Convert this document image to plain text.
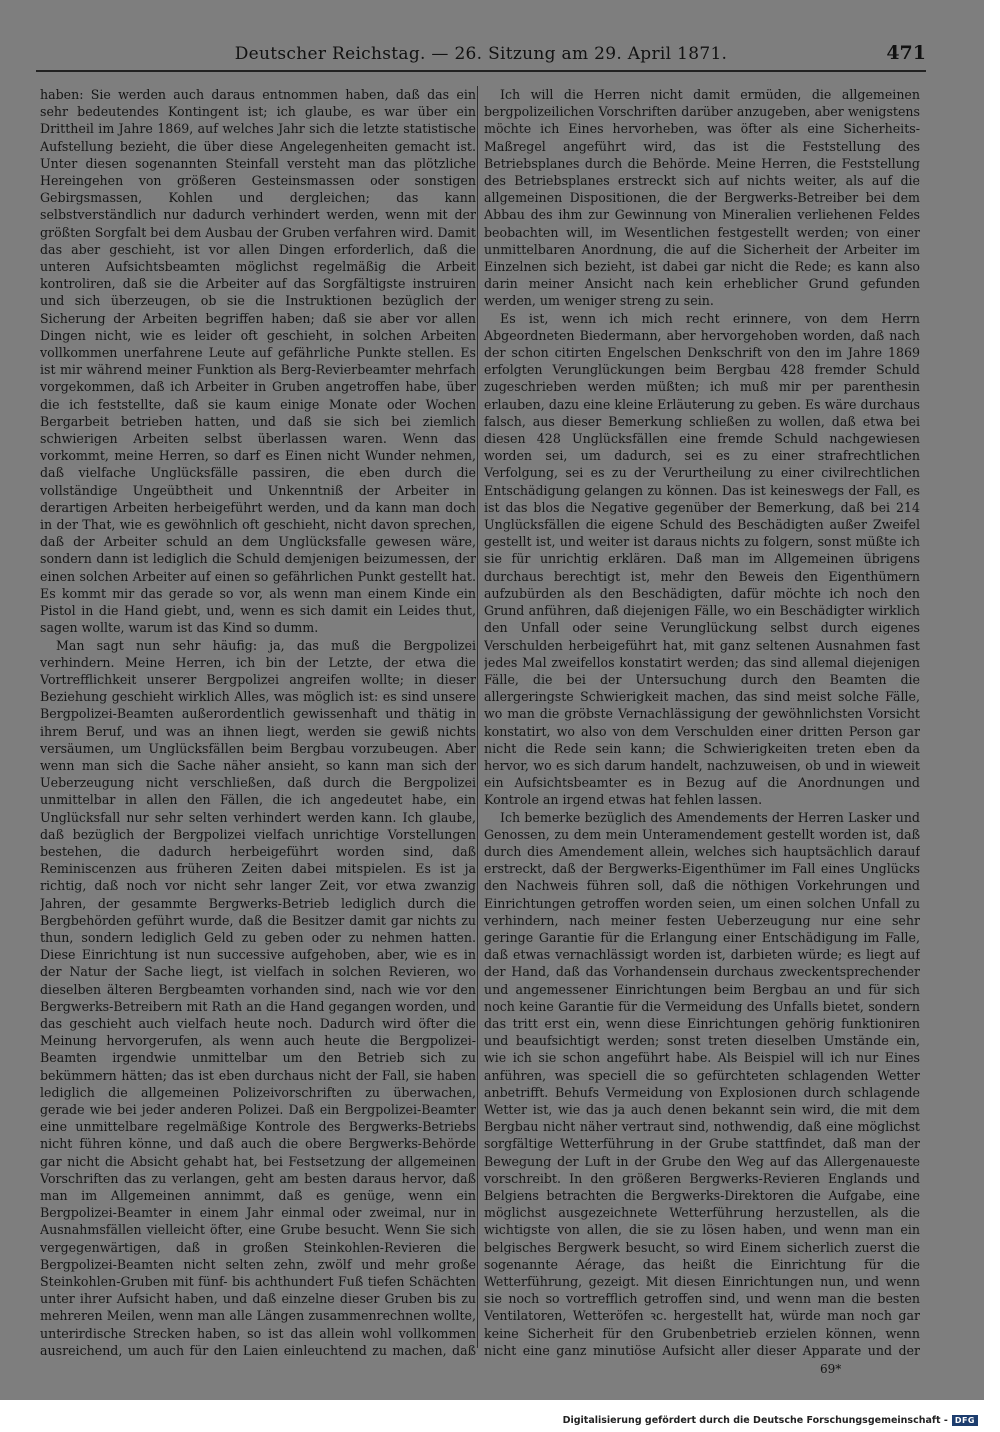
Deutscher Reichstag. — 26. Sitzung am 29. April 1871.	471

haben: Sie werden auch daraus entnommen haben, daß das ein sehr bedeutendes Kontingent ist; ich glaube, es war über ein Drittheil im Jahre 1869, auf welches Jahr sich die letzte statistische Aufstellung bezieht, die über diese Angelegenheiten gemacht ist. Unter diesen sogenannten Steinfall versteht man das plötzliche Hereingehen von größeren Gesteinsmassen oder sonstigen Gebirgsmassen, Kohlen und dergleichen; das kann selbstverständlich nur dadurch verhindert werden, wenn mit der größten Sorgfalt bei dem Ausbau der Gruben verfahren wird. Damit das aber geschieht, ist vor allen Dingen erforderlich, daß die unteren Aufsichtsbeamten möglichst regelmäßig die Arbeit kontroliren, daß sie die Arbeiter auf das Sorgfältigste instruiren und sich überzeugen, ob sie die Instruktionen bezüglich der Sicherung der Arbeiten begriffen haben; daß sie aber vor allen Dingen nicht, wie es leider oft geschieht, in solchen Arbeiten vollkommen unerfahrene Leute auf gefährliche Punkte stellen. Es ist mir während meiner Funktion als Berg-Revierbeamter mehrfach vorgekommen, daß ich Arbeiter in Gruben angetroffen habe, über die ich feststellte, daß sie kaum einige Monate oder Wochen Bergarbeit betrieben hatten, und daß sie sich bei ziemlich schwierigen Arbeiten selbst überlassen waren. Wenn das vorkommt, meine Herren, so darf es Einen nicht Wunder nehmen, daß vielfache Unglücksfälle passiren, die eben durch die vollständige Ungeübtheit und Unkenntniß der Arbeiter in derartigen Arbeiten herbeigeführt werden, und da kann man doch in der That, wie es gewöhnlich oft geschieht, nicht davon sprechen, daß der Arbeiter schuld an dem Unglücksfalle gewesen wäre, sondern dann ist lediglich die Schuld demjenigen beizumessen, der einen solchen Arbeiter auf einen so gefährlichen Punkt gestellt hat. Es kommt mir das gerade so vor, als wenn man einem Kinde ein Pistol in die Hand giebt, und, wenn es sich damit ein Leides thut, sagen wollte, warum ist das Kind so dumm.

Man sagt nun sehr häufig: ja, das muß die Bergpolizei verhindern. Meine Herren, ich bin der Letzte, der etwa die Vortrefflichkeit unserer Bergpolizei angreifen wollte; in dieser Beziehung geschieht wirklich Alles, was möglich ist: es sind unsere Bergpolizei-Beamten außerordentlich gewissenhaft und thätig in ihrem Beruf, und was an ihnen liegt, werden sie gewiß nichts versäumen, um Unglücksfällen beim Bergbau vorzubeugen. Aber wenn man sich die Sache näher ansieht, so kann man sich der Ueberzeugung nicht verschließen, daß durch die Bergpolizei unmittelbar in allen den Fällen, die ich angedeutet habe, ein Unglücksfall nur sehr selten verhindert werden kann. Ich glaube, daß bezüglich der Bergpolizei vielfach unrichtige Vorstellungen bestehen, die dadurch herbeigeführt worden sind, daß Reminiscenzen aus früheren Zeiten dabei mitspielen. Es ist ja richtig, daß noch vor nicht sehr langer Zeit, vor etwa zwanzig Jahren, der gesammte Bergwerks-Betrieb lediglich durch die Bergbehörden geführt wurde, daß die Besitzer damit gar nichts zu thun, sondern lediglich Geld zu geben oder zu nehmen hatten. Diese Einrichtung ist nun successive aufgehoben, aber, wie es in der Natur der Sache liegt, ist vielfach in solchen Revieren, wo dieselben älteren Bergbeamten vorhanden sind, nach wie vor den Bergwerks-Betreibern mit Rath an die Hand gegangen worden, und das geschieht auch vielfach heute noch. Dadurch wird öfter die Meinung hervorgerufen, als wenn auch heute die Bergpolizei-Beamten irgendwie unmittelbar um den Betrieb sich zu bekümmern hätten; das ist eben durchaus nicht der Fall, sie haben lediglich die allgemeinen Polizeivorschriften zu überwachen, gerade wie bei jeder anderen Polizei. Daß ein Bergpolizei-Beamter eine unmittelbare regelmäßige Kontrole des Bergwerks-Betriebs nicht führen könne, und daß auch die obere Bergwerks-Behörde gar nicht die Absicht gehabt hat, bei Festsetzung der allgemeinen Vorschriften das zu verlangen, geht am besten daraus hervor, daß man im Allgemeinen annimmt, daß es genüge, wenn ein Bergpolizei-Beamter in einem Jahr einmal oder zweimal, nur in Ausnahmsfällen vielleicht öfter, eine Grube besucht. Wenn Sie sich vergegenwärtigen, daß in großen Steinkohlen-Revieren die Bergpolizei-Beamten nicht selten zehn, zwölf und mehr große Steinkohlen-Gruben mit fünf- bis achthundert Fuß tiefen Schächten unter ihrer Aufsicht haben, und daß einzelne dieser Gruben bis zu mehreren Meilen, wenn man alle Längen zusammenrechnen wollte, unterirdische Strecken haben, so ist das allein wohl vollkommen ausreichend, um auch für den Laien einleuchtend zu machen, daß

Ich will die Herren nicht damit ermüden, die allgemeinen bergpolizeilichen Vorschriften darüber anzugeben, aber wenigstens möchte ich Eines hervorheben, was öfter als eine Sicherheits-Maßregel angeführt wird, das ist die Feststellung des Betriebsplanes durch die Behörde. Meine Herren, die Feststellung des Betriebsplanes erstreckt sich auf nichts weiter, als auf die allgemeinen Dispositionen, die der Bergwerks-Betreiber bei dem Abbau des ihm zur Gewinnung von Mineralien verliehenen Feldes beobachten will, im Wesentlichen festgestellt werden; von einer unmittelbaren Anordnung, die auf die Sicherheit der Arbeiter im Einzelnen sich bezieht, ist dabei gar nicht die Rede; es kann also darin meiner Ansicht nach kein erheblicher Grund gefunden werden, um weniger streng zu sein.

Es ist, wenn ich mich recht erinnere, von dem Herrn Abgeordneten Biedermann, aber hervorgehoben worden, daß nach der schon citirten Engelschen Denkschrift von den im Jahre 1869 erfolgten Verunglückungen beim Bergbau 428 fremder Schuld zugeschrieben werden müßten; ich muß mir per parenthesin erlauben, dazu eine kleine Erläuterung zu geben. Es wäre durchaus falsch, aus dieser Bemerkung schließen zu wollen, daß etwa bei diesen 428 Unglücksfällen eine fremde Schuld nachgewiesen worden sei, um dadurch, sei es zu einer strafrechtlichen Verfolgung, sei es zu der Verurtheilung zu einer civilrechtlichen Entschädigung gelangen zu können. Das ist keineswegs der Fall, es ist das blos die Negative gegenüber der Bemerkung, daß bei 214 Unglücksfällen die eigene Schuld des Beschädigten außer Zweifel gestellt ist, und weiter ist daraus nichts zu folgern, sonst müßte ich sie für unrichtig erklären. Daß man im Allgemeinen übrigens durchaus berechtigt ist, mehr den Beweis den Eigenthümern aufzubürden als den Beschädigten, dafür möchte ich noch den Grund anführen, daß diejenigen Fälle, wo ein Beschädigter wirklich den Unfall oder seine Verunglückung selbst durch eigenes Verschulden herbeigeführt hat, mit ganz seltenen Ausnahmen fast jedes Mal zweifellos konstatirt werden; das sind allemal diejenigen Fälle, die bei der Untersuchung durch den Beamten die allergeringste Schwierigkeit machen, das sind meist solche Fälle, wo man die gröbste Vernachlässigung der gewöhnlichsten Vorsicht konstatirt, wo also von dem Verschulden einer dritten Person gar nicht die Rede sein kann; die Schwierigkeiten treten eben da hervor, wo es sich darum handelt, nachzuweisen, ob und in wieweit ein Aufsichtsbeamter es in Bezug auf die Anordnungen und Kontrole an irgend etwas hat fehlen lassen.

Ich bemerke bezüglich des Amendements der Herren Lasker und Genossen, zu dem mein Unteramendement gestellt worden ist, daß durch dies Amendement allein, welches sich hauptsächlich darauf erstreckt, daß der Bergwerks-Eigenthümer im Fall eines Unglücks den Nachweis führen soll, daß die nöthigen Vorkehrungen und Einrichtungen getroffen worden seien, um einen solchen Unfall zu verhindern, nach meiner festen Ueberzeugung nur eine sehr geringe Garantie für die Erlangung einer Entschädigung im Falle, daß etwas vernachlässigt worden ist, darbieten würde; es liegt auf der Hand, daß das Vorhandensein durchaus zweckentsprechender und angemessener Einrichtungen beim Bergbau an und für sich noch keine Garantie für die Vermeidung des Unfalls bietet, sondern das tritt erst ein, wenn diese Einrichtungen gehörig funktioniren und beaufsichtigt werden; sonst treten dieselben Umstände ein, wie ich sie schon angeführt habe. Als Beispiel will ich nur Eines anführen, was speciell die so gefürchteten schlagenden Wetter anbetrifft. Behufs Vermeidung von Explosionen durch schlagende Wetter ist, wie das ja auch denen bekannt sein wird, die mit dem Bergbau nicht näher vertraut sind, nothwendig, daß eine möglichst sorgfältige Wetterführung in der Grube stattfindet, daß man der Bewegung der Luft in der Grube den Weg auf das Allergenaueste vorschreibt. In den größeren Bergwerks-Revieren Englands und Belgiens betrachten die Bergwerks-Direktoren die Aufgabe, eine möglichst ausgezeichnete Wetterführung herzustellen, als die wichtigste von allen, die sie zu lösen haben, und wenn man ein belgisches Bergwerk besucht, so wird Einem sicherlich zuerst die sogenannte Aérage, das heißt die Einrichtung für die Wetterführung, gezeigt. Mit diesen Einrichtungen nun, und wenn sie noch so vortrefflich getroffen sind, und wenn man die besten Ventilatoren, Wetteröfen ꝛc. hergestellt hat, würde man noch gar keine Sicherheit für den Grubenbetrieb erzielen können, wenn nicht eine ganz minutiöse Aufsicht aller dieser Apparate und der

69*
Digitalisierung gefördert durch die Deutsche Forschungsgemeinschaft - DFG
